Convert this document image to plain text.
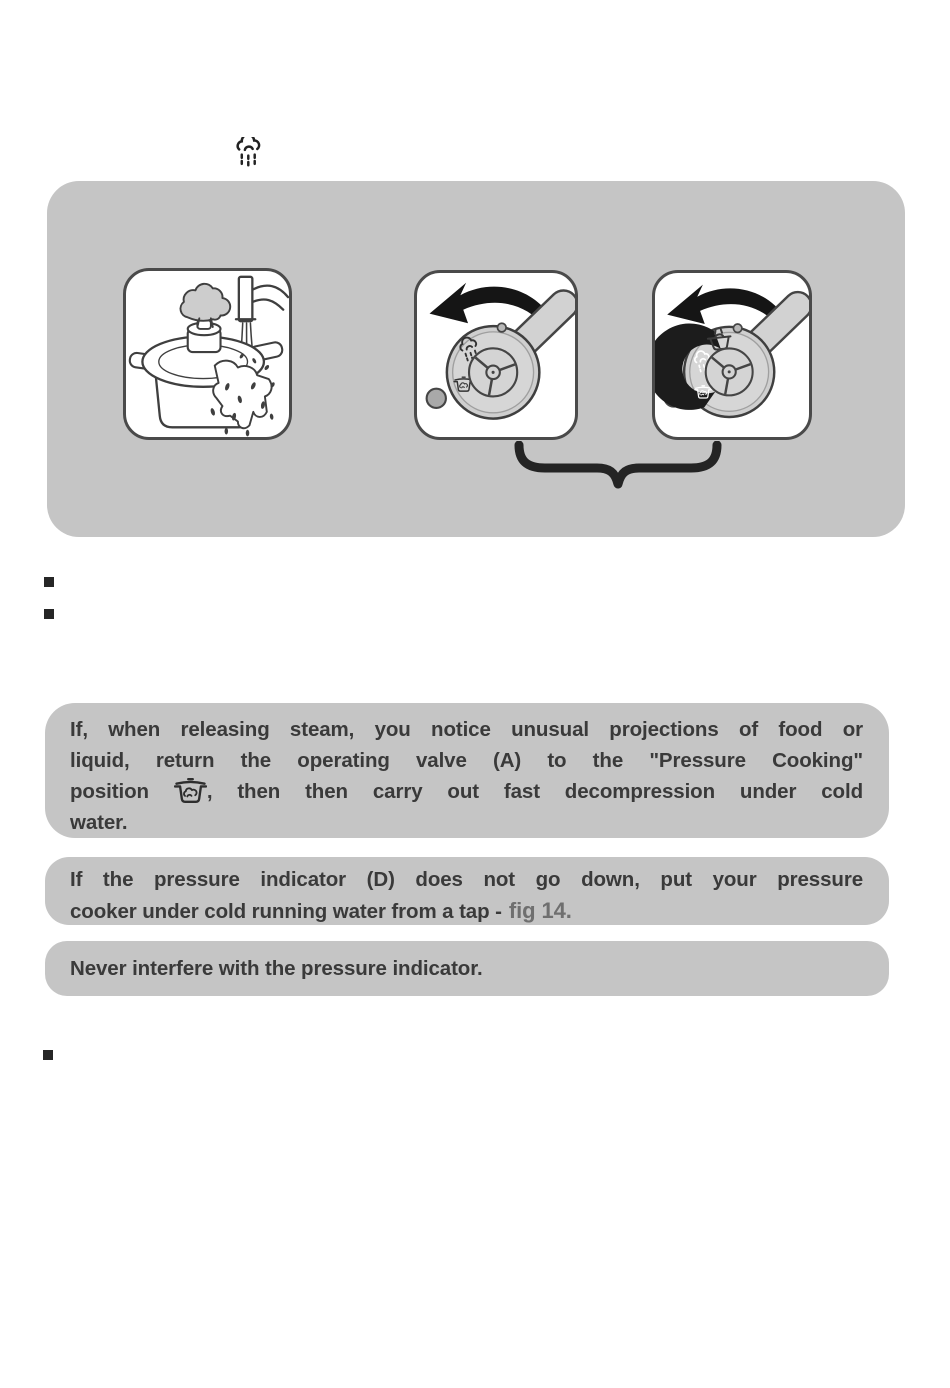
If, when releasing steam, you notice unusual projections of food or
liquid, return the operating valve (A) to the "Pressure Cooking"
position	, then then carry out fast decompression under cold
water.
If the pressure indicator (D) does not go down, put your pressure
cooker under cold running water from a tap - fig 14.
Never interfere with the pressure indicator.
